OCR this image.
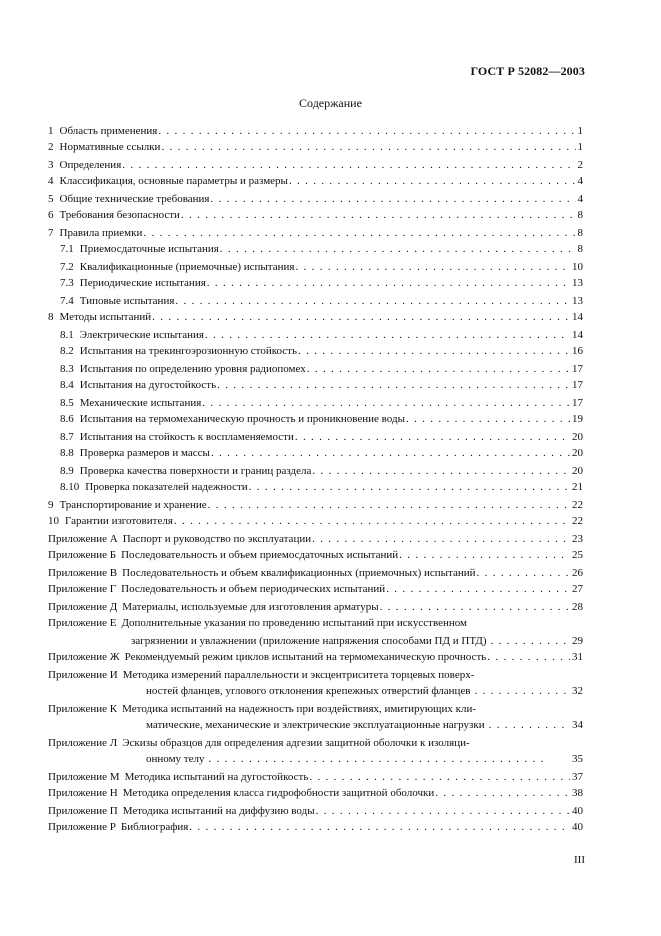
ГОСТ Р 52082—2003
Содержание
1 Область применения . . .	1
2 Нормативные ссылки . . .	1
3 Определения . . .	2
4 Классификация, основные параметры и размеры . . .	4
5 Общие технические требования . . .	4
6 Требования безопасности . . .	8
7 Правила приемки . . .	8
7.1 Приемосдаточные испытания . . .	8
7.2 Квалификационные (приемочные) испытания . . .	10
7.3 Периодические испытания . . .	13
7.4 Типовые испытания . . .	13
8 Методы испытаний . . .	14
8.1 Электрические испытания . . .	14
8.2 Испытания на трекингоэрозионную стойкость . . .	16
8.3 Испытания по определению уровня радиопомех . . .	17
8.4 Испытания на дугостойкость . . .	17
8.5 Механические испытания . . .	17
8.6 Испытания на термомеханическую прочность и проникновение воды . . .	19
8.7 Испытания на стойкость к воспламеняемости . . .	20
8.8 Проверка размеров и массы . . .	20
8.9 Проверка качества поверхности и границ раздела . . .	20
8.10 Проверка показателей надежности . . .	21
9 Транспортирование и хранение . . .	22
10 Гарантии изготовителя . . .	22
Приложение А Паспорт и руководство по эксплуатации . . .	23
Приложение Б Последовательность и объем приемосдаточных испытаний . . .	25
Приложение В Последовательность и объем квалификационных (приемочных) испытаний . . .	26
Приложение Г Последовательность и объем периодических испытаний . . .	27
Приложение Д Материалы, используемые для изготовления арматуры . . .	28
Приложение Е Дополнительные указания по проведению испытаний при искусственном
загрязнении и увлажнении (приложение напряжения способами ПД и ПТД) . . .	29
Приложение Ж Рекомендуемый режим циклов испытаний на термомеханическую прочность . . .	31
Приложение И Методика измерений параллельности и эксцентриситета торцевых поверх-
ностей фланцев, углового отклонения крепежных отверстий фланцев . . .	32
Приложение К Методика испытаний на надежность при воздействиях, имитирующих кли-
матические, механические и электрические эксплуатационные нагрузки . . .	34
Приложение Л Эскизы образцов для определения адгезии защитной оболочки к изоляци-
онному телу . . .	35
Приложение М Методика испытаний на дугостойкость . . .	37
Приложение Н Методика определения класса гидрофобности защитной оболочки . . .	38
Приложение П Методика испытаний на диффузию воды . . .	40
Приложение Р Библиография . . .	40
III
